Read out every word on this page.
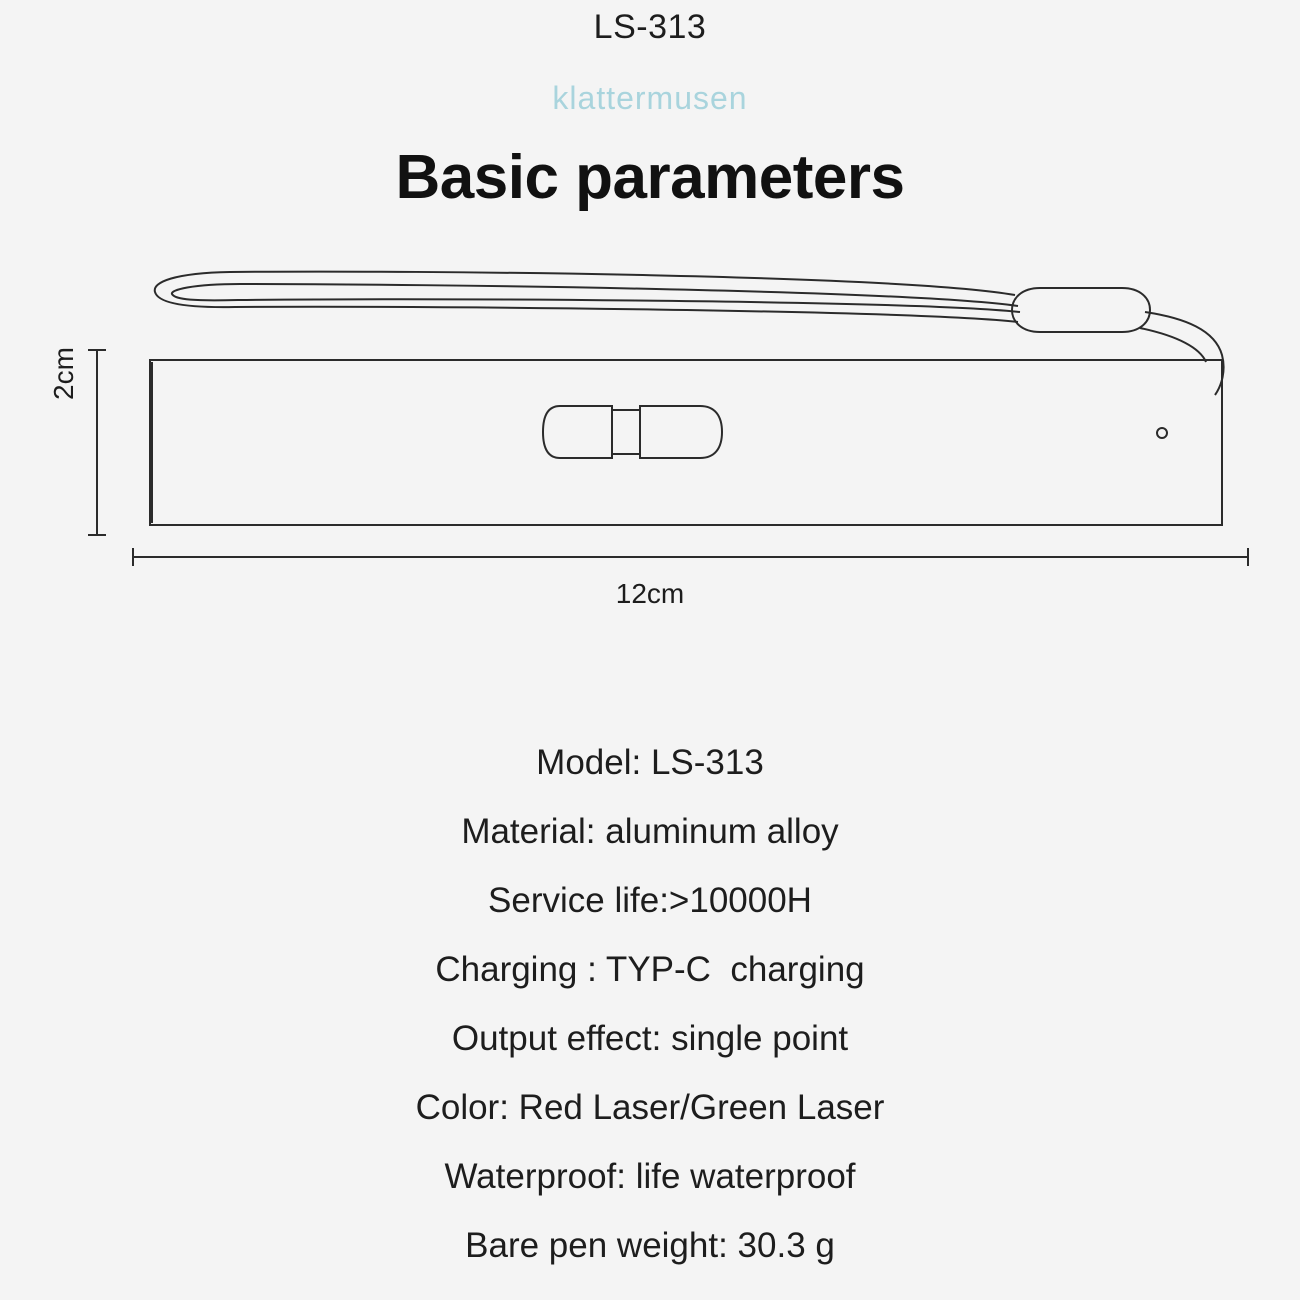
LS-313
klattermusen
Basic parameters
2cm
12cm
Model: LS-313
Material: aluminum alloy
Service life:>10000H
Charging : TYP-C  charging
Output effect: single point
Color: Red Laser/Green Laser
Waterproof: life waterproof
Bare pen weight: 30.3 g
